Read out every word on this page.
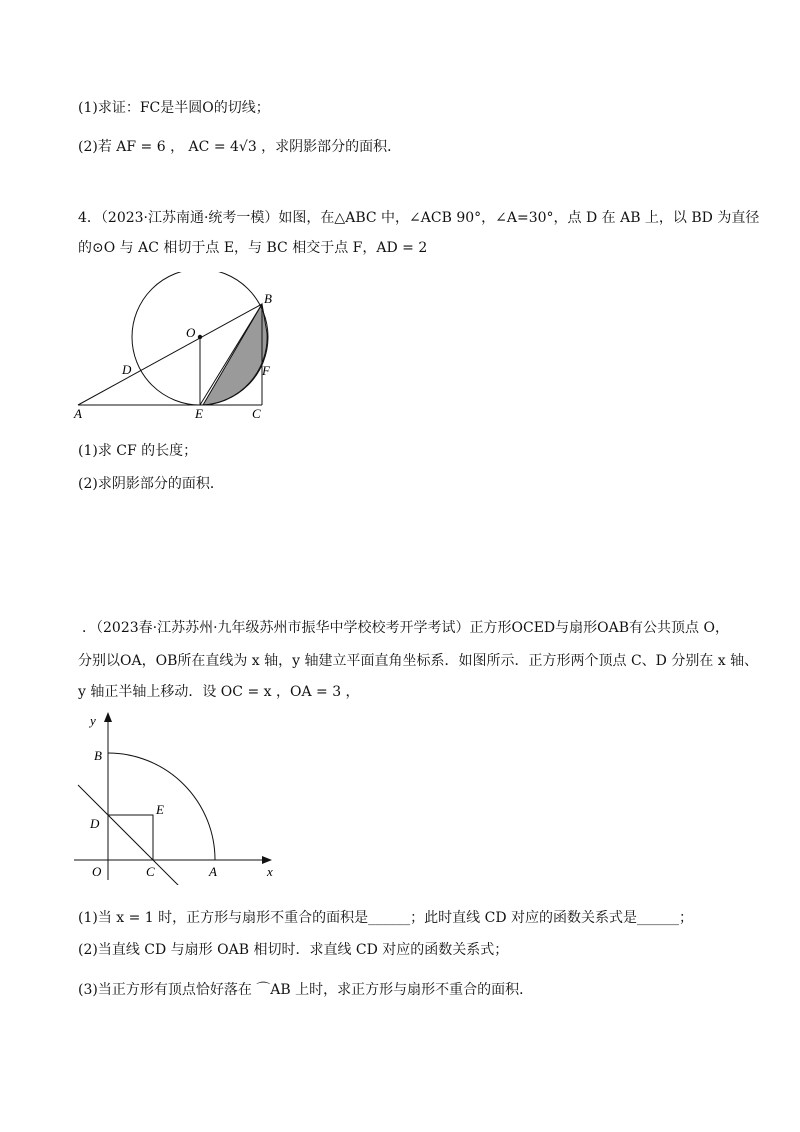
(1)求证：FC是半圆O的切线；
(2)若 AF = 6 ， AC = 4√3 ，求阴影部分的面积．
4．（2023·江苏南通·统考一模）如图，在△ABC 中，∠ACB 90°，∠A=30°，点 D 在 AB 上，以 BD 为直径
的⊙O 与 AC 相切于点 E，与 BC 相交于点 F，AD = 2
B
O
D	F
A	E	C
(1)求 CF 的长度；
(2)求阴影部分的面积．
．（2023春·江苏苏州·九年级苏州市振华中学校校考开学考试）正方形OCED与扇形OAB有公共顶点 O，
分别以OA，OB所在直线为 x 轴，y 轴建立平面直角坐标系．如图所示．正方形两个顶点 C、D 分别在 x 轴、
y 轴正半轴上移动．设 OC = x ，OA = 3 ，
y
B
E
D
O	C	A	x
(1)当 x = 1 时，正方形与扇形不重合的面积是______；此时直线 CD 对应的函数关系式是______；
(2)当直线 CD 与扇形 OAB 相切时．求直线 CD 对应的函数关系式；
(3)当正方形有顶点恰好落在 ⌒AB 上时，求正方形与扇形不重合的面积．
